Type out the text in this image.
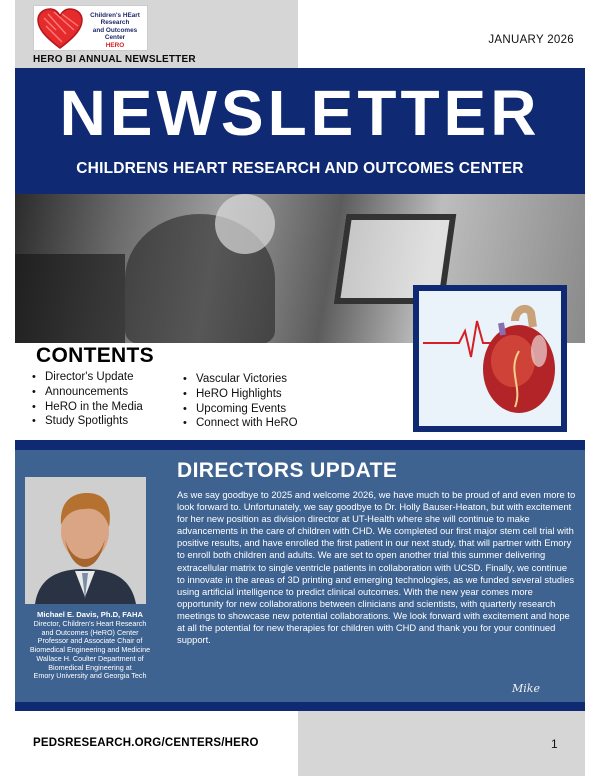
Children's HEart
Research
and Outcomes Center
HERO
HERO BI ANNUAL NEWSLETTER
JANUARY 2026
NEWSLETTER
CHILDRENS HEART RESEARCH AND OUTCOMES CENTER
CONTENTS
• Director's Update
• Announcements
• HeRO in the Media
• Study Spotlights
• Vascular Victories
• HeRO Highlights
• Upcoming Events
• Connect with HeRO
Michael E. Davis, Ph.D, FAHA
Director, Children's Heart Research
and Outcomes (HeRO) Center
Professor and Associate Chair of
Biomedical Engineering and Medicine
Wallace H. Coulter Department of
Biomedical Engineering at
Emory University and Georgia Tech
DIRECTORS UPDATE
As we say goodbye to 2025 and welcome 2026, we have much to be proud of and even more to look forward to. Unfortunately, we say goodbye to Dr. Holly Bauser-Heaton, but with excitement for her new position as division director at UT-Health where she will continue to make advancements in the care of children with CHD. We completed our first major stem cell trial with positive results, and have enrolled the first patient in our next study, that will partner with Emory to enroll both children and adults. We are set to open another trial this summer delivering extracellular matrix to single ventricle patients in collaboration with UCSD. Finally, we continue to innovate in the areas of 3D printing and emerging technologies, as we funded several studies using artificial intelligence to predict clinical outcomes. With the new year comes more opportunity for new collaborations between clinicians and scientists, with quarterly research meetings to showcase new potential collaborations. We look forward with excitement and hope at all the potential for new therapies for children with CHD and thank you for your continued support.
Mike
PEDSRESEARCH.ORG/CENTERS/HERO	1
